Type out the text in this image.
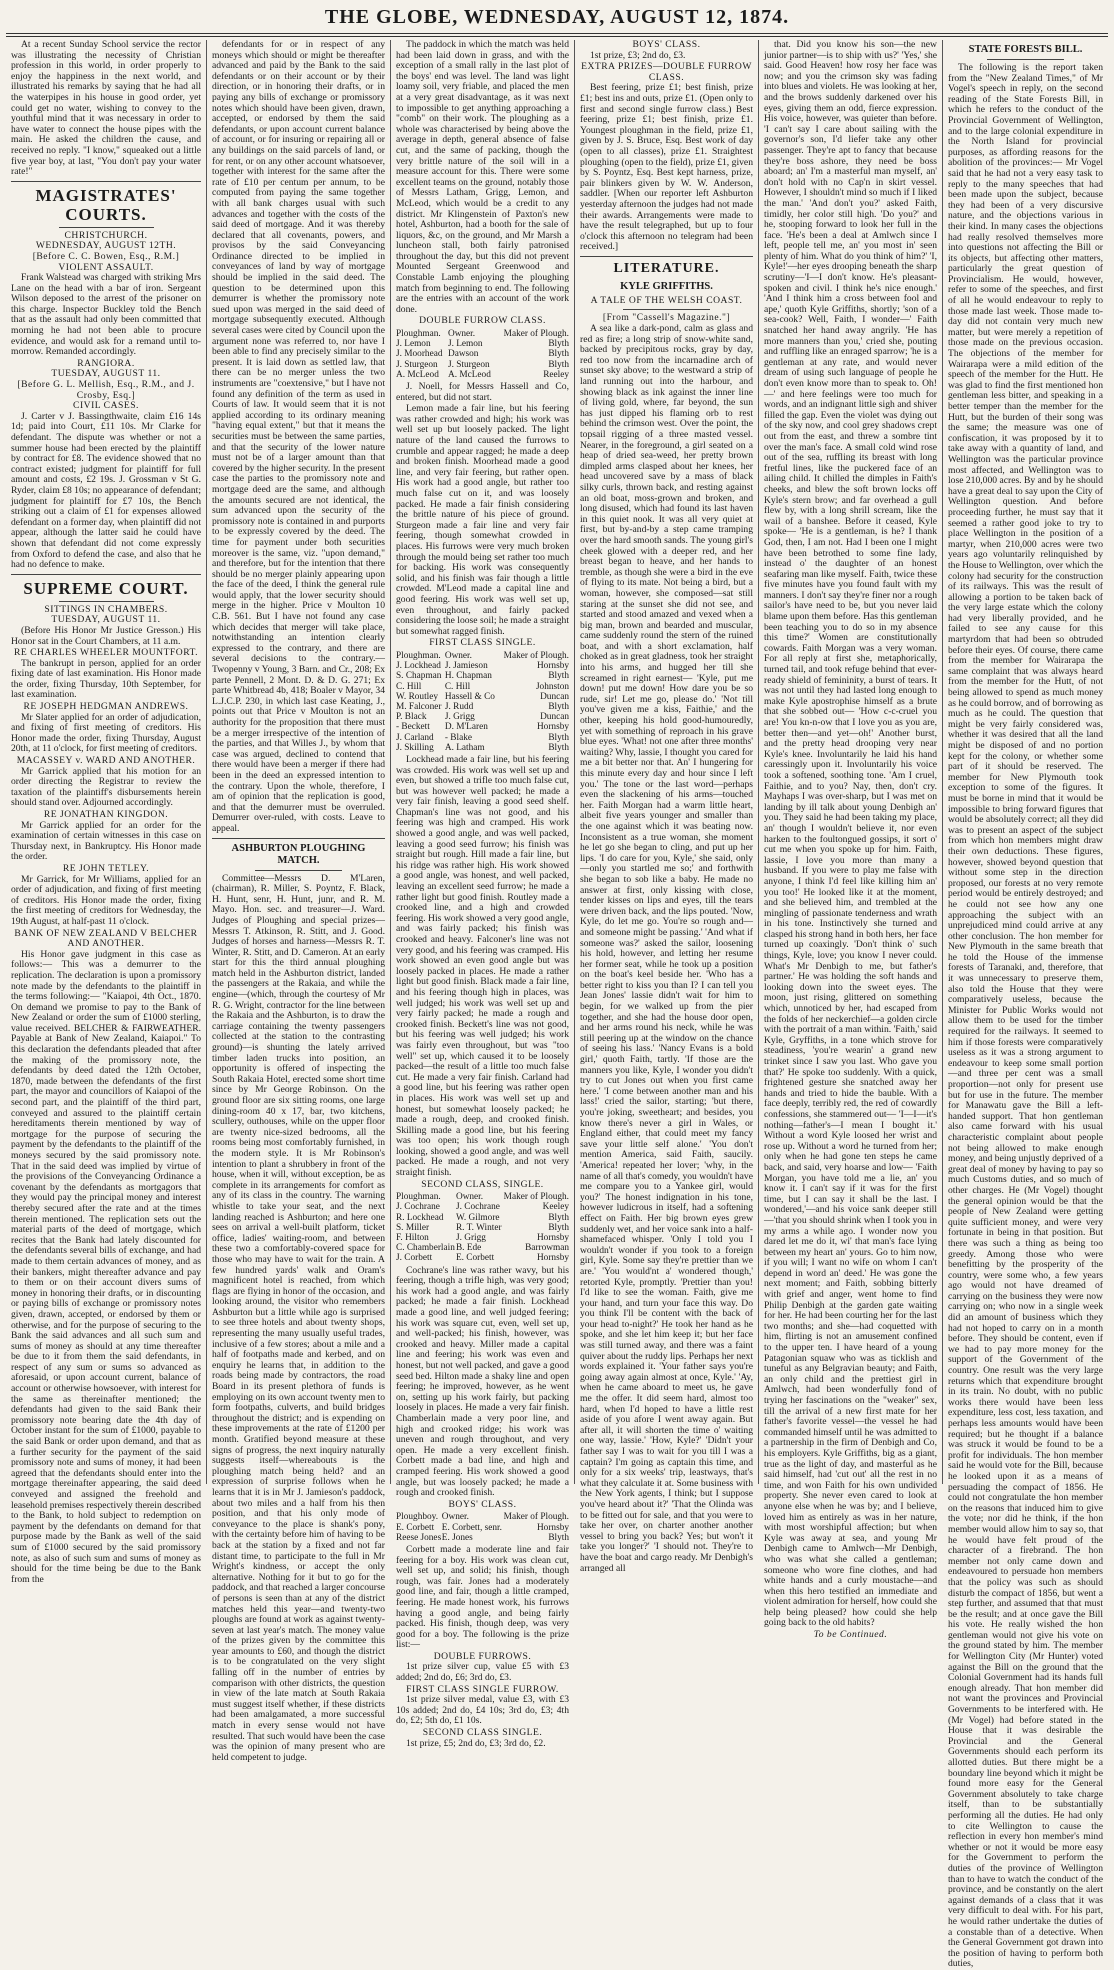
THE GLOBE, WEDNESDAY, AUGUST 12, 1874.

At a recent Sunday School service the rector was illustrating the necessity of Christian profession in this world, in order properly to enjoy the happiness in the next world, and illustrated his remarks by saying that he had all the waterpipes in his house in good order, yet could get no water, wishing to convey to the youthful mind that it was necessary in order to have water to connect the house pipes with the main. He asked the children the cause, and received no reply. "I know," squeaked out a little five year boy, at last, "You don't pay your water rate!"

MAGISTRATES' COURTS.
CHRISTCHURCH.
WEDNESDAY, AUGUST 12TH.
[Before C. C. Bowen, Esq., R.M.]
VIOLENT ASSAULT.

Frank Walstead was charged with striking Mrs Lane on the head with a bar of iron. Sergeant Wilson deposed to the arrest of the prisoner on this charge. Inspector Buckley told the Bench that as the assault had only been committed that morning he had not been able to procure evidence, and would ask for a remand until to-morrow. Remanded accordingly.

RANGIORA.
TUESDAY, AUGUST 11.
[Before G. L. Mellish, Esq., R.M., and J. Crosby, Esq.]
CIVIL CASES.

J. Carter v J. Bassingthwaite, claim £16 14s 1d; paid into Court, £11 10s. Mr Clarke for defendant. The dispute was whether or not a summer house had been erected by the plaintiff by contract for £8. The evidence showed that no contract existed; judgment for plaintiff for full amount and costs, £2 19s. J. Grossman v St G. Ryder, claim £8 10s; no appearance of defendant; judgment for plaintiff for £7 10s, the Bench striking out a claim of £1 for expenses allowed defendant on a former day, when plaintiff did not appear, although the latter said he could have shown that defendant did not come expressly from Oxford to defend the case, and also that he had no defence to make.

SUPREME COURT.
SITTINGS IN CHAMBERS.
TUESDAY, AUGUST 11.

(Before His Honor Mr Justice Gresson.) His Honor sat in the Court Chambers, at 11 a.m.

RE CHARLES WHEELER MOUNTFORT.

The bankrupt in person, applied for an order fixing date of last examination. His Honor made the order, fixing Thursday, 10th September, for last examination.

RE JOSEPH HEDGMAN ANDREWS.

Mr Slater applied for an order of adjudication, and fixing of first meeting of creditors. His Honor made the order, fixing Thursday, August 20th, at 11 o'clock, for first meeting of creditors.

MACASSEY v. WARD AND ANOTHER.

Mr Garrick applied that his motion for an order directing the Registrar to review the taxation of the plaintiff's disbursements herein should stand over. Adjourned accordingly.

RE JONATHAN KINGDON.

Mr Garrick applied for an order for the examination of certain witnesses in this case on Thursday next, in Bankruptcy. His Honor made the order.

RE JOHN TETLEY.

Mr Garrick, for Mr Williams, applied for an order of adjudication, and fixing of first meeting of creditors. His Honor made the order, fixing the first meeting of creditors for Wednesday, the 19th August, at half-past 11 o'clock.

BANK OF NEW ZEALAND V BELCHER AND ANOTHER.

His Honor gave judgment in this case as follows:— This was a demurrer to the replication. The declaration is upon a promissory note made by the defendants to the plaintiff in the terms following:— "Kaiapoi, 4th Oct., 1870. On demand we promise to pay to the Bank of New Zealand or order the sum of £1000 sterling, value received. BELCHER & FAIRWEATHER. Payable at Bank of New Zealand, Kaiapoi." To this declaration the defendants pleaded that after the making of the promissory note, the defendants by deed dated the 12th October, 1870, made between the defendants of the first part, the mayor and councillors of Kaiapoi of the second part, and the plaintiff of the third part, conveyed and assured to the plaintiff certain hereditaments therein mentioned by way of mortgage for the purpose of securing the payment by the defendants to the plaintiff of the moneys secured by the said promissory note. That in the said deed was implied by virtue of the provisions of the Conveyancing Ordinance a covenant by the defendants as mortgagors that they would pay the principal money and interest thereby secured after the rate and at the times therein mentioned. The replication sets out the material parts of the deed of mortgage, which recites that the Bank had lately discounted for the defendants several bills of exchange, and had made to them certain advances of money, and as their bankers, might thereafter advance and pay to them or on their account divers sums of money in honoring their drafts, or in discounting or paying bills of exchange or promissory notes given, drawn, accepted, or endorsed by them or otherwise, and for the purpose of securing to the Bank the said advances and all such sum and sums of money as should at any time thereafter be due to it from them the said defendants, in respect of any sum or sums so advanced as aforesaid, or upon account current, balance of account or otherwise howsoever, with interest for the same as thereinafter mentioned; the defendants had given to the said Bank their promissory note bearing date the 4th day of October instant for the sum of £1000, payable to the said Bank or order upon demand, and that as a further security for the payment of the said promissory note and sums of money, it had been agreed that the defendants should enter into the mortgage thereinafter appearing, the said deed conveyed and assigned the freehold and leasehold premises respectively therein described to the Bank, to hold subject to redemption on payment by the defendants on demand for that purpose made by the Bank as well of the said sum of £1000 secured by the said promissory note, as also of such sum and sums of money as should for the time being be due to the Bank from the

defendants for or in respect of any moneys which should or might be thereafter advanced and paid by the Bank to the said defendants or on their account or by their direction, or in honoring their drafts, or in paying any bills of exchange or promissory notes which should have been given, drawn, accepted, or endorsed by them the said defendants, or upon account current balance of account, or for insuring or repairing all or any buildings on the said parcels of land, or for rent, or on any other account whatsoever, together with interest for the same after the rate of £10 per centum per annum, to be computed from paying the same together with all bank charges usual with such advances and together with the costs of the said deed of mortgage. And it was thereby declared that all covenants, powers, and provisos by the said Conveyancing Ordinance directed to be implied in conveyances of land by way of mortgage should be implied in the said deed. The question to be determined upon this demurrer is whether the promissory note sued upon was merged in the said deed of mortgage subsequently executed. Although several cases were cited by Council upon the argument none was referred to, nor have I been able to find any precisely similar to the present. It is laid down as settled law, that there can be no merger unless the two instruments are "coextensive," but I have not found any definition of the term as used in Courts of law. It would seem that it is not applied according to its ordinary meaning "having equal extent," but that it means the securities must be between the same parties, and that the security of the lower nature must not be of a larger amount than that covered by the higher security. In the present case the parties to the promissory note and mortgage deed are the same, and although the amounts secured are not identical, the sum advanced upon the security of the promissory note is contained in and purports to be expressly covered by the deed. The time for payment under both securities moreover is the same, viz. "upon demand," and therefore, but for the intention that there should be no merger plainly appearing upon the face of the deed, I think the general rule would apply, that the lower security should merge in the higher. Price v Moulton 10 C.B. 561. But I have not found any case which decides that merger will take place, notwithstanding an intention clearly expressed to the contrary, and there are several decisions to the contrary.—Twopenny v Young, 3 Barn. and Cr., 208; Ex parte Pennell, 2 Mont. D. & D. G. 271; Ex parte Whitbread 4b, 418; Boaler v Mayor, 34 L.J.C.P. 230, in which last case Keating, J., points out that Price v Moulton is not an authority for the proposition that there must be a merger irrespective of the intention of the parties, and that Willes J., by whom that case was argued, declined to contend that there would have been a merger if there had been in the deed an expressed intention to the contrary. Upon the whole, therefore, I am of opinion that the replication is good, and that the demurrer must be overruled. Demurrer over-ruled, with costs. Leave to appeal.

ASHBURTON PLOUGHING MATCH.

Committee—Messrs D. M'Laren, (chairman), R. Miller, S. Poyntz, F. Black, H. Hunt, senr, H. Hunt, junr, and R. M. Mayo. Hon. sec. and treasurer—J. Ward. Judges of Ploughing and special prizes—Messrs T. Atkinson, R. Stitt, and J. Good. Judges of horses and harness—Messrs R. T. Winter, R. Stitt, and D. Cameron. At an early start for this the third annual ploughing match held in the Ashburton district, landed the passengers at the Rakaia, and while the engine—(which, through the courtesy of Mr R. G. Wright, contractor for the line between the Rakaia and the Ashburton, is to draw the carriage containing the twenty passengers collected at the station to the contrasting ground)—is shunting the lately arrived timber laden trucks into position, an opportunity is offered of inspecting the South Rakaia Hotel, erected some short time since by Mr George Robinson. On the ground floor are six sitting rooms, one large dining-room 40 x 17, bar, two kitchens, scullery, outhouses, while on the upper floor are twenty nice-sized bedrooms, all the rooms being most comfortably furnished, in the modern style. It is Mr Robinson's intention to plant a shrubbery in front of the house, when it will, without exception, be as complete in its arrangements for comfort as any of its class in the country. The warning whistle to take your seat, and the next landing reached is Ashburton; and here one sees on arrival a well-built platform, ticket office, ladies' waiting-room, and between these two a comfortably-covered space for those who may have to wait for the train. A few hundred yards' walk and Oram's magnificent hotel is reached, from which flags are flying in honor of the occasion, and looking around, the visitor who remembers Ashburton but a little while ago is surprised to see three hotels and about twenty shops, representing the many usually useful trades, inclusive of a few stores; about a mile and a half of footpaths made and kerbed, and on enquiry he learns that, in addition to the roads being made by contractors, the road Board in its present plethora of funds is employing on its own account twenty men to form footpaths, culverts, and build bridges throughout the district; and is expending on these improvements at the rate of £1200 per month. Gratified beyond measure at these signs of progress, the next inquiry naturally suggests itself—whereabouts is the ploughing match being held? and an expression of surprise follows when he learns that it is in Mr J. Jamieson's paddock, about two miles and a half from his then position, and that his only mode of conveyance to the place is shank's pony, with the certainty before him of having to be back at the station by a fixed and not far distant time, to participate to the full in Mr Wright's kindness, or accept the only alternative. Nothing for it but to go for the paddock, and that reached a larger concourse of persons is seen than at any of the district matches held this year—and twenty-two ploughs are found at work as against twenty-seven at last year's match. The money value of the prizes given by the committee this year amounts to £60, and though the district is to be congratulated on the very slight falling off in the number of entries by comparison with other districts, the question in view of the late match at South Rakaia must suggest itself whether, if these districts had been amalgamated, a more successful match in every sense would not have resulted. That such would have been the case was the opinion of many present who are held competent to judge.

The paddock in which the match was held had been laid down in grass, and with the exception of a small rally in the last plot of the boys' end was level. The land was light loamy soil, very friable, and placed the men at a very great disadvantage, as it was next to impossible to get anything approaching a "comb" on their work. The ploughing as a whole was characterised by being above the average in depth, general absence of false cut, and the same of packing, though the very brittle nature of the soil will in a measure account for this. There were some excellent teams on the ground, notably those of Messrs Latham, Grigg, Lemon, and McLeod, which would be a credit to any district. Mr Klingenstein of Paxton's new hotel, Ashburton, had a booth for the sale of liquors, &c, on the ground, and Mr Marsh a luncheon stall, both fairly patronised throughout the day, but this did not prevent Mounted Sergeant Greenwood and Constable Lamb enjoying the ploughing match from beginning to end. The following are the entries with an account of the work done.

DOUBLE FURROW CLASS.
Ploughman.	Owner.	Maker of Plough.
J. Lemon	J. Lemon	Blyth
J. Moorhead	Dawson	Blyth
J. Sturgeon	J. Sturgeon	Blyth
A. McLeod	A. McLeod	Reeley

J. Noell, for Messrs Hassell and Co, entered, but did not start.

Lemon made a fair line, but his feering was rather crowded and high; his work was well set up but loosely packed. The light nature of the land caused the furrows to crumble and appear ragged; he made a deep and broken finish. Moorhead made a good line, and very fair feering, but rather open. His work had a good angle, but rather too much false cut on it, and was loosely packed. He made a fair finish considering the brittle nature of his piece of ground. Sturgeon made a fair line and very fair feering, though somewhat crowded in places. His furrows were very much broken through the mould being set rather too much for backing. His work was consequently solid, and his finish was fair though a little crowded. M'Leod made a capital line and good feering. His work was well set up, even throughout, and fairly packed considering the loose soil; he made a straight but somewhat ragged finish.

FIRST CLASS SINGLE.
Ploughman.	Owner.	Maker of Plough.
J. Lockhead	J. Jamieson	Hornsby
S. Chapman	H. Chapman	Blyth
C. Hill	C. Hill	Johnston
W. Routley	Hassell & Co	Duncan
M. Falconer	J. Rudd	Blyth
P. Black	J. Grigg	Duncan
- Beckett	D. M'Laren	Hornsby
J. Carland	- Blake	Blyth
J. Skilling	A. Latham	Blyth

Lockhead made a fair line, but his feering was crowded. His work was well set up and even, but showed a trifle too much false cut, but was however well packed; he made a very fair finish, leaving a good seed shelf. Chapman's line was not good, and his feering was high and cramped. His work showed a good angle, and was well packed, leaving a good seed furrow; his finish was straight but rough. Hill made a fair line, but his ridge was rather high. His work showed a good angle, was honest, and well packed, leaving an excellent seed furrow; he made a rather light but good finish. Routley made a crooked line, and a high and crowded feering. His work showed a very good angle, and was fairly packed; his finish was crooked and heavy. Falconer's line was not very good, and his feering was cramped. His work showed an even good angle but was loosely packed in places. He made a rather light but good finish. Black made a fair line, and his feering though high in places, was well judged; his work was well set up and very fairly packed; he made a rough and crooked finish. Beckett's line was not good, but his feering was well judged; his work was fairly even throughout, but was "too well" set up, which caused it to be loosely packed—the result of a little too much false cut. He made a very fair finish. Carland had a good line, but his feering was rather open in places. His work was well set up and honest, but somewhat loosely packed; he made a rough, deep, and crooked finish. Skilling made a good line, but his feering was too open; his work though rough looking, showed a good angle, and was well packed. He made a rough, and not very straight finish.

SECOND CLASS, SINGLE.
Ploughman.	Owner.	Maker of Plough.
J. Cochrane	J. Cochrane	Keeley
R. Lockhead	W. Gilmore	Blyth
S. Miller	R. T. Winter	Blyth
F. Hilton	J. Grigg	Hornsby
C. Chamberlain	B. Ede	Barrowman
J. Corbett	E. Corbett	Hornsby

Cochrane's line was rather wavy, but his feering, though a trifle high, was very good; his work had a good angle, and was fairly packed; he made a fair finish. Lockhead made a good line, and well judged feering; his work was square cut, even, well set up, and well-packed; his finish, however, was crooked and heavy. Miller made a capital line and feering; his work was even and honest, but not well packed, and gave a good seed bed. Hilton made a shaky line and open feering; he improved, however, as he went on, setting up his work fairly, but packing loosely in places. He made a very fair finish. Chamberlain made a very poor line, and high and crooked ridge; his work was uneven and rough throughout, and very open. He made a very excellent finish. Corbett made a bad line, and high and cramped feering. His work showed a good angle, but was loosely packed; he made a rough and crooked finish.

BOYS' CLASS.
Ploughboy.	Owner.	Maker of Plough.
E. Corbett	E. Corbett, senr.	Hornsby
Reese Jones	E. Jones	Blyth

Corbett made a moderate line and fair feering for a boy. His work was clean cut, well set up, and solid; his finish, though rough, was fair. Jones had a moderately good line, and fair, though a little cramped, feering. He made honest work, his furrows having a good angle, and being fairly packed. His finish, though deep, was very good for a boy. The following is the prize list:—

DOUBLE FURROWS.

1st prize silver cup, value £5 with £3 added; 2nd do, £6; 3rd do, £3.

FIRST CLASS SINGLE FURROW.

1st prize silver medal, value £3, with £3 10s added; 2nd do, £4 10s; 3rd do, £3; 4th do, £2; 5th do, £1 10s.

SECOND CLASS SINGLE.

1st prize, £5; 2nd do, £3; 3rd do, £2.

BOYS' CLASS.

1st prize, £3; 2nd do, £3.

EXTRA PRIZES—DOUBLE FURROW CLASS.

Best feering, prize £1; best finish, prize £1; best ins and outs, prize £1. (Open only to first and second single furrow class.) Best feering, prize £1; best finish, prize £1. Youngest ploughman in the field, prize £1, given by J. S. Bruce, Esq. Best work of day (open to all classes), prize £1. Straightest ploughing (open to the field), prize £1, given by S. Poyntz, Esq. Best kept harness, prize, pair blinkers given by W. W. Anderson, saddler. [When our reporter left Ashburton yesterday afternoon the judges had not made their awards. Arrangements were made to have the result telegraphed, but up to four o'clock this afternoon no telegram had been received.]

LITERATURE.
KYLE GRIFFITHS.
A TALE OF THE WELSH COAST.
[From "Cassell's Magazine."]

A sea like a dark-pond, calm as glass and red as fire; a long strip of snow-white sand, backed by precipitous rocks, gray by day, red too now from the incarnadine arch of sunset sky above; to the westward a strip of land running out into the harbour, and showing black as ink against the inner line of living gold, where, far beyond, the sun has just dipped his flaming orb to rest behind the crimson west. Over the point, the topsail rigging of a three masted vessel. Nearer, in the foreground, a girl seated on a heap of dried sea-weed, her pretty brown dimpled arms clasped about her knees, her head uncovered save by a mass of black silky curls, thrown back, and resting against an old boat, moss-grown and broken, and long disused, which had found its last haven in this quiet nook. It was all very quiet at first, but by-and-by a step came tramping over the hard smooth sands. The young girl's cheek glowed with a deeper red, and her breast began to heave, and her hands to tremble, as though she were a bird in the eve of flying to its mate. Not being a bird, but a woman, however, she composed—sat still staring at the sunset she did not see, and started and stood amazed and vexed when a big man, brown and bearded and muscular, came suddenly round the stern of the ruined boat, and with a short exclamation, half choked as in great gladness, took her straight into his arms, and hugged her till she screamed in right earnest— 'Kyle, put me down! put me down! How dare you be so rude, sir! Let me go, please do.' 'Not till you've given me a kiss, Faithie,' and the other, keeping his hold good-humouredly, yet with something of reproach in his grave blue eyes. 'What! not one after three months' waiting? Why, lassie, I thought you cared for me a bit better nor that. An' I hungering for this minute every day and hour since I left you.' The tone or the last word—perhaps even the slackening of his arms—touched her. Faith Morgan had a warm little heart, albeit five years younger and smaller than the one against which it was beating now. Inconsistent as a true woman, she moment he let go she began to cling, and put up her lips. 'I do care for you, Kyle,' she said, only—only you startled me so;' and forthwith she began to sob like a baby. He made no answer at first, only kissing with close, tender kisses on lips and eyes, till the tears were driven back, and the lips pouted. 'Now, Kyle, do let me go. You're so rough and—and someone might be passing.' 'And what if someone was?' asked the sailor, loosening his hold, however, and letting her resume her former seat, while he took up a position on the boat's keel beside her. 'Who has a better right to kiss you than I? I can tell you Jean Jones' lassie didn't wait for him to begin, for we walked up from the pier together, and she had the house door open, and her arms round his neck, while he was still peering up at the window on the chance of seeing his lass.' 'Nancy Evans is a bold girl,' quoth Faith, tartly. 'If those are the manners you like, Kyle, I wonder you didn't try to cut Jones out when you first came here.' 'I come between another man and his lass!' cried the sailor, starting; 'but there, you're joking, sweetheart; and besides, you know there's never a girl in Wales, or England either, that could meet my fancy save your little self alone.' 'You don't mention America, said Faith, saucily. 'America! repeated her lover; 'why, in the name of all that's comedy, you wouldn't have me compare you to a Yankee girl, would you?' The honest indignation in his tone, however ludicrous in itself, had a softening effect on Faith. Her big brown eyes grew suddenly wet, and her voice sank into a half-shamefaced whisper. 'Only I told you I wouldn't wonder if you took to a foreign girl, Kyle. Some say they're prettier than we are.' 'You would'nt a' wondered though,' retorted Kyle, promptly. 'Prettier than you! I'd like to see the woman. Faith, give me your hand, and turn your face this way. Do you think I'll be content with the back of your head to-night?' He took her hand as he spoke, and she let him keep it; but her face was still turned away, and there was a faint quiver about the ruddy lips. Perhaps her next words explained it. 'Your father says you're going away again almost at once, Kyle.' 'Ay, when he came aboard to meet us, he gave me the offer. It did seem hard, almost too hard, when I'd hoped to have a little rest aside of you afore I went away again. But after all, it will shorten the time o' waiting one way, lassie.' 'How, Kyle?' 'Didn't your father say I was to wait for you till I was a captain? I'm going as captain this time, and only for a six weeks' trip, leastways, that's what they calculate it at. Some business with the New York agents, I think; but I suppose you've heard about it?' 'That the Olinda was to be fitted out for sale, and that you were to take her over, on charter another another vessel to bring you back? Yes; but won't it take you longer?' 'I should not. They're to have the boat and cargo ready. Mr Denbigh's arranged all

that. Did you know his son—the new junior partner—is to ship with us?' 'Yes,' she said. Good Heaven! how rosy her face was now; and you the crimson sky was fading into blues and violets. He was looking at her, and the brows suddenly darkened over his eyes, giving them an odd, fierce expression. His voice, however, was quieter than before. 'I can't say I care about sailing with the governor's son, I'd liefer take any other passenger. They're apt to fancy that because they're boss ashore, they need be boss aboard; an' I'm a masterful man myself, an' don't hold with no Cap'n in skirt vessel. However, I shouldn't mind so much if I liked the man.' 'And don't you?' asked Faith, timidly, her color still high. 'Do you?' and he, stooping forward to look her full in the face. 'He's been a deal at Amlwch since I left, people tell me, an' you most in' seen plenty of him. What do you think of him?' 'I, Kyle!'—her eyes drooping beneath the sharp scrutiny—'I—I don't know. He's pleasant-spoken and civil. I think he's nice enough.' 'And I think him a cross between fool and ape,' quoth Kyle Griffiths, shortly; 'son of a sea-cook? Well, Faith, I wonder—' Faith snatched her hand away angrily. 'He has more manners than you,' cried she, pouting and ruffling like an enraged sparrow; 'he is a gentleman at any rate, and would never dream of using such language of people he don't even know more than to speak to. Oh!—' and here feelings were too much for words, and an indignant little sigh and shiver filled the gap. Even the violet was dying out of the sky now, and cool grey shadows crept out from the east, and threw a sombre tint over the man's face. A small cold wind rose out of the sea, ruffling its breast with long fretful lines, like the puckered face of an ailing child. It chilled the dimples in Faith's cheeks, and blew the soft brown locks off Kyle's stern brow; and far overhead a gull flew by, with a long shrill scream, like the wail of a banshee. Before it ceased, Kyle spoke— 'He is a gentleman, is he? I thank God, then, I am not. Had I been one I might have been betrothed to some fine lady, instead o' the daughter of an honest seafaring man like myself. Faith, twice these five minutes have you found fault with my manners. I don't say they're finer nor a rough sailor's have need to be, but you never laid blame upon them before. Has this gentleman been teaching you to do so in my absence this time?' Women are constitutionally cowards. Faith Morgan was a very woman. For all reply at first she, metaphorically, turned tail, and took refuge behind that ever-ready shield of femininity, a burst of tears. It was not until they had lasted long enough to make Kyle apostrophise himself as a brute that she sobbed out— 'How c-c-cruel you are! You kn-n-ow that I love you as you are, better then—and yet—oh!' Another burst, and the pretty head drooping very near Kyle's knee. Involuntarily he laid his hand caressingly upon it. Involuntarily his voice took a softened, soothing tone. 'Am I cruel, Faithie, and to you? Nay, then, don't cry. Mayhaps I was over-sharp, but I was met on landing by ill talk about young Denbigh an' you. They said he had been taking my place, an' though I wouldn't believe it, nor even harken to the foultongued gossips, it sort o' cut me when you spoke up for him. Faith, lassie, I love you more than many a husband. If you were to play me false with anyone, I think I'd feel like killing him an' you too!' He looked like it at the moment, and she believed him, and trembled at the mingling of passionate tenderness and wrath in his tone. Instinctively she turned and clasped his strong hand in both hers, her face turned up coaxingly. 'Don't think o' such things, Kyle, love; you know I never could. What's Mr Denbigh to me, but father's partner.' He was holding the soft hands and looking down into the sweet eyes. The moon, just rising, glittered on something which, unnoticed by her, had escaped from the folds of her neckerchief—a golden circle with the portrait of a man within. 'Faith,' said Kyle, Gryffiths, in a tone which strove for steadiness, 'you're wearin' a grand new trinket since I saw you last. Who gave you that?' He spoke too suddenly. With a quick, frightened gesture she snatched away her hands and tried to hide the bauble. With a face deeply, terribly red, the red of cowardly confessions, she stammered out— 'I—I—it's nothing—father's—I mean I bought it.' Without a word Kyle loosed her wrist and rose up. Without a word he turned from her; only when he had gone ten steps he came back, and said, very hoarse and low— 'Faith Morgan, you have told me a lie, an' you know it. I can't say if it was for the first time, but I can say it shall be the last. I wondered,'—and his voice sank deeper still—'that you should shrink when I took you in my arms a while ago. I wonder now you dared let me do it, wi' that man's face lying between my heart an' yours. Go to him now, if you will; I want no wife on whom I can't depend in word an' deed.' He was gone the next moment; and Faith, sobbing bitterly with grief and anger, went home to find Philip Denbigh at the garden gate waiting for her. He had been courting her for the last two months; and she—had coquetted with him, flirting is not an amusement confined to the upper ten. I have heard of a young Patagonian squaw who was as ticklish and tuneful as any Belgravian beauty; and Faith, an only child and the prettiest girl in Amlwch, had been wonderfully fond of trying her fascinations on the "weaker" sex, till the arrival of a new first mate for her father's favorite vessel—the vessel he had commanded himself until he was admitted to a partnership in the firm of Denbigh and Co, his employers. Kyle Griffiths, big as a giant, true as the light of day, and masterful as he said himself, had 'cut out' all the rest in no time, and won Faith for his own undivided property. She never even cared to look at anyone else when he was by; and I believe, loved him as entirely as was in her nature, with most worshipful affection; but when Kyle was away at sea, and young Mr Denbigh came to Amlwch—Mr Denbigh, who was what she called a gentleman; someone who wore fine clothes, and had white hands and a curly moustache—and when this hero testified an immediate and violent admiration for herself, how could she help being pleased? how could she help going back to the old habits?

To be Continued.
STATE FORESTS BILL.

The following is the report taken from the "New Zealand Times," of Mr Vogel's speech in reply, on the second reading of the State Forests Bill, in which he refers to the conduct of the Provincial Government of Wellington, and to the large colonial expenditure in the North Island for provincial purposes, as affording reasons for the abolition of the provinces:— Mr Vogel said that he had not a very easy task to reply to the many speeches that had been made upon the subject, because they had been of a very discursive nature, and the objections various in their kind. In many cases the objections had really resolved themselves more into questions not affecting the Bill or its objects, but affecting other matters, particularly the great question of Provincialism. He would, however, refer to some of the speeches, and first of all he would endeavour to reply to those made last week. Those made to-day did not contain very much new matter, but were merely a repetition of those made on the previous occasion. The objections of the member for Wairarapa were a mild edition of the speech of the member for the Hutt. He was glad to find the first mentioned hon gentleman less bitter, and speaking in a better temper than the member for the Hutt, but the burden of their song was the same; the measure was one of confiscation, it was proposed by it to take away with a quantity of land, and Wellington was the particular province most affected, and Wellington was to lose 210,000 acres. By and by he should have a great deal to say upon the City of Wellington question. And before proceeding further, he must say that it seemed a rather good joke to try to place Wellington in the position of a martyr, when 210,000 acres were two years ago voluntarily relinquished by the House to Wellington, over which the colony had security for the construction of its railways. This was the result of allowing a portion to be taken back of the very large estate which the colony had very liberally provided, and he failed to see any cause for this martyrdom that had been so obtruded before their eyes. Of course, there came from the member for Wairarapa the same complaint that was always heard from the member for the Hutt, of not being allowed to spend as much money as he could borrow, and of borrowing as much as he could. The question that might be very fairly considered was, whether it was desired that all the land might be disposed of and no portion kept for the colony, or whether some part of it should be reserved. The member for New Plymouth took exception to some of the figures. It must be borne in mind that it would be impossible to bring forward figures that would be absolutely correct; all they did was to present an aspect of the subject from which hon members might draw their own deductions. These figures, however, showed beyond question that without some step in the direction proposed, our forests at no very remote period would be entirely destroyed; and he could not see how any one approaching the subject with an unprejudiced mind could arrive at any other conclusion. The hon member for New Plymouth in the same breath that he told the House of the immense forests of Taranaki, and, therefore, that it was unnecessary to preserve them, also told the House that they were comparatively useless, because the Minister for Public Works would not allow them to be used for the timber required for the railways. It seemed to him if those forests were comparatively useless as it was a strong argument to endeavour to keep some small portion—and three per cent was a small proportion—not only for present use but for use in the future. The member for Manawatu gave the Bill a left-handed support. That hon gentleman also came forward with his usual characteristic complaint about people not being allowed to make enough money, and being unjustly deprived of a great deal of money by having to pay so much Customs duties, and so much of other charges. He (Mr Vogel) thought the general opinion would be that the people of New Zealand were getting quite sufficient money, and were very fortunate in being in that position. But there was such a thing as being too greedy. Among those who were benefitting by the prosperity of the country, were some who, a few years ago would not have dreamed of carrying on the business they were now carrying on; who now in a single week did an amount of business which they had not hoped to carry on in a month before. They should be content, even if we had to pay more money for the support of the Government of the country. One result was the very large returns which that expenditure brought in its train. No doubt, with no public works there would have been less expenditure, less cost, less taxation, and perhaps less amounts would have been required; but he thought if a balance was struck it would be found to be a profit for individuals. The hon member said he would vote for the Bill, because he looked upon it as a means of persuading the compact of 1856. He could not congratulate the hon member on the reasons that induced him to give the vote; nor did he think, if the hon member would allow him to say so, that he would have felt proud of the character of a firebrand. The hon member not only came down and endeavoured to persuade hon members that the policy was such as should disturb the compact of 1856, but went a step further, and assumed that that must be the result; and at once gave the Bill his vote. He really wished the hon gentleman would not give his vote on the ground stated by him. The member for Wellington City (Mr Hunter) voted against the Bill on the ground that the Colonial Government had its hands full enough already. That hon member did not want the provinces and Provincial Governments to be interfered with. He (Mr Vogel) had before stated in the House that it was desirable the Provincial and the General Governments should each perform its allotted duties. But there might be a boundary line beyond which it might be found more easy for the General Government absolutely to take charge itself, than to be substantially performing all the duties. He had only to cite Wellington to cause the reflection in every hon member's mind whether or not it would be more easy for the Government to perform the duties of the province of Wellington than to have to watch the conduct of the province, and be constantly on the alert against demands of a class that it was very difficult to deal with. For his part, he would rather undertake the duties of a constable than of a detective. When the General Government got drawn into the position of having to perform both duties,
